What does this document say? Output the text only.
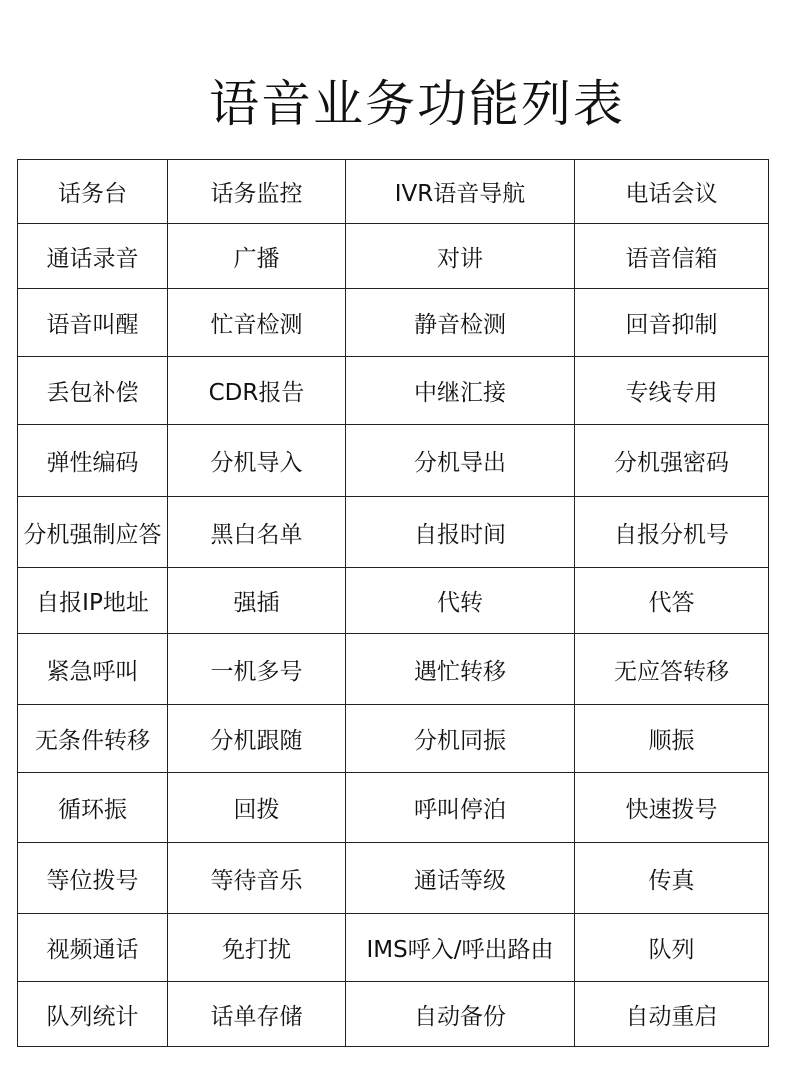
语音业务功能列表
话务台	话务监控	IVR语音导航	电话会议
通话录音	广播	对讲	语音信箱
语音叫醒	忙音检测	静音检测	回音抑制
丢包补偿	CDR报告	中继汇接	专线专用
弹性编码	分机导入	分机导出	分机强密码
分机强制应答	黑白名单	自报时间	自报分机号
自报IP地址	强插	代转	代答
紧急呼叫	一机多号	遇忙转移	无应答转移
无条件转移	分机跟随	分机同振	顺振
循环振	回拨	呼叫停泊	快速拨号
等位拨号	等待音乐	通话等级	传真
视频通话	免打扰	IMS呼入/呼出路由	队列
队列统计	话单存储	自动备份	自动重启
